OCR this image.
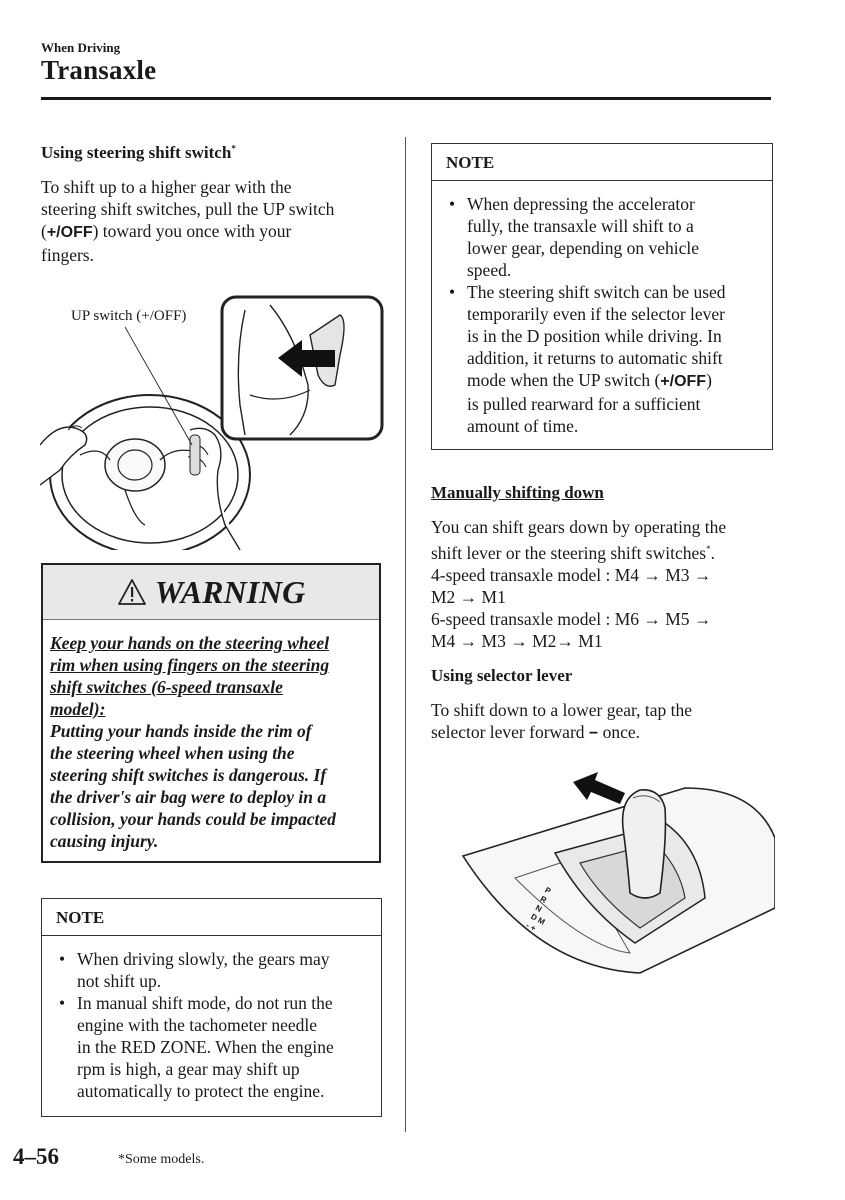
When Driving
Transaxle
Using steering shift switch*
To shift up to a higher gear with the
steering shift switches, pull the UP switch
(+/OFF) toward you once with your
fingers.
UP switch (+/OFF)
WARNING
Keep your hands on the steering wheel
rim when using fingers on the steering
shift switches (6-speed transaxle
model):
Putting your hands inside the rim of
the steering wheel when using the
steering shift switches is dangerous. If
the driver's air bag were to deploy in a
collision, your hands could be impacted
causing injury.
NOTE
• When driving slowly, the gears may
not shift up.
• In manual shift mode, do not run the
engine with the tachometer needle
in the RED ZONE. When the engine
rpm is high, a gear may shift up
automatically to protect the engine.
NOTE
• When depressing the accelerator
fully, the transaxle will shift to a
lower gear, depending on vehicle
speed.
• The steering shift switch can be used
temporarily even if the selector lever
is in the D position while driving. In
addition, it returns to automatic shift
mode when the UP switch (+/OFF)
is pulled rearward for a sufficient
amount of time.
Manually shifting down
You can shift gears down by operating the
shift lever or the steering shift switches*.
4-speed transaxle model : M4 → M3 →
M2 → M1
6-speed transaxle model : M6 → M5 →
M4 → M3 → M2→ M1
Using selector lever
To shift down to a lower gear, tap the
selector lever forward − once.
P
R
N
D M
- +
4–56	*Some models.
